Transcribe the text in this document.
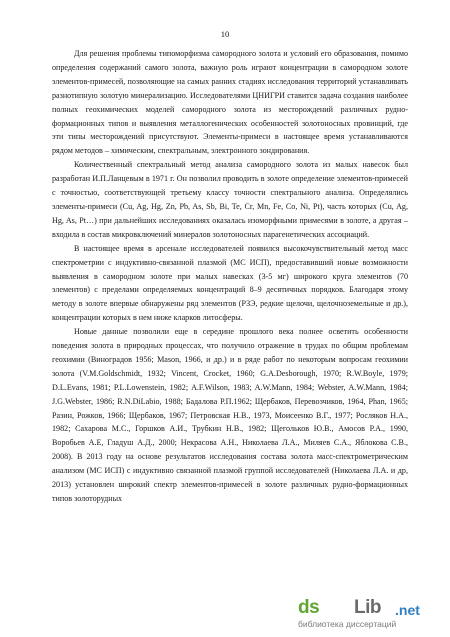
10

Для решения проблемы типоморфизма самородного золота и условий его образования, помимо определения содержаний самого золота, важную роль играют концентрации в самородном золоте элементов-примесей, позволяющие на самых ранних стадиях исследования территорий устанавливать разнотипную золотую минерализацию. Исследователями ЦНИГРИ ставится задача создания наиболее полных геохимических моделей самородного золота из месторождений различных рудно-формационных типов и выявления металлогенических особенностей золотоносных провинций, где эти типы месторождений присутствуют. Элементы-примеси в настоящее время устанавливаются рядом методов – химическим, спектральным, электронного зондирования.

Количественный спектральный метод анализа самородного золота из малых навесок был разработан И.П.Ланцевым в 1971 г. Он позволил проводить в золоте определение элементов-примесей с точностью, соответствующей третьему классу точности спектрального анализа. Определялись элементы-примеси (Cu, Ag, Hg, Zn, Pb, As, Sb, Bi, Te, Cr, Mn, Fe, Co, Ni, Pt), часть которых (Cu, Ag, Hg, As, Pt…) при дальнейших исследованиях оказалась изоморфными примесями в золоте, а другая – входила в состав микровключений минералов золотоносных парагенетических ассоциаций.

В настоящее время в арсенале исследователей появился высокочувствительный метод масс спектрометрии с индуктивно-связанной плазмой (МС ИСП), предоставивший новые возможности выявления в самородном золоте при малых навесках (3-5 мг) широкого круга элементов (70 элементов) с пределами определяемых концентраций 8–9 десятичных порядков. Благодаря этому методу в золоте впервые обнаружены ряд элементов (РЗЭ, редкие щелочи, щелочноземельные и др.), концентрации которых в нем ниже кларков литосферы.

Новые данные позволили еще в середине прошлого века полнее осветить особенности поведения золота в природных процессах, что получило отражение в трудах по общим проблемам геохимии (Виноградов 1956; Mason, 1966, и др.) и в ряде работ по некоторым вопросам геохимии золота (V.M.Goldschmidt, 1932; Vincent, Crocket, 1960; G.A.Desborough, 1970; R.W.Boyle, 1979; D.L.Evans, 1981; P.L.Lowenstein, 1982; A.F.Wilson, 1983; A.W.Mann, 1984; Webster, A.W.Mann, 1984; J.G.Webster, 1986; R.N.DiLabio, 1988; Бадалова Р.П.1962; Щербаков, Перевозчиков, 1964, Phan, 1965; Разин, Рожков, 1966; Щербаков, 1967; Петровская Н.В., 1973, Моисеенко В.Г., 1977; Росляков Н.А., 1982; Сахарова М.С., Горшков А.И., Трубкин Н.В., 1982; Щегольков Ю.В., Амосов Р.А., 1990, Воробьев А.Е, Гладуш А.Д., 2000; Некрасова А.Н., Николаева Л.А., Миляев С.А., Яблокова С.В., 2008). В 2013 году на основе результатов исследования состава золота масс-спектрометрическим анализом (МС ИСП) с индуктивно связанной плазмой группой исследователей (Николаева Л.А. и др, 2013) установлен широкий спектр элементов-примесей в золоте различных рудно-формационных типов золоторудных

ds Lib .net
библиотека диссертаций
